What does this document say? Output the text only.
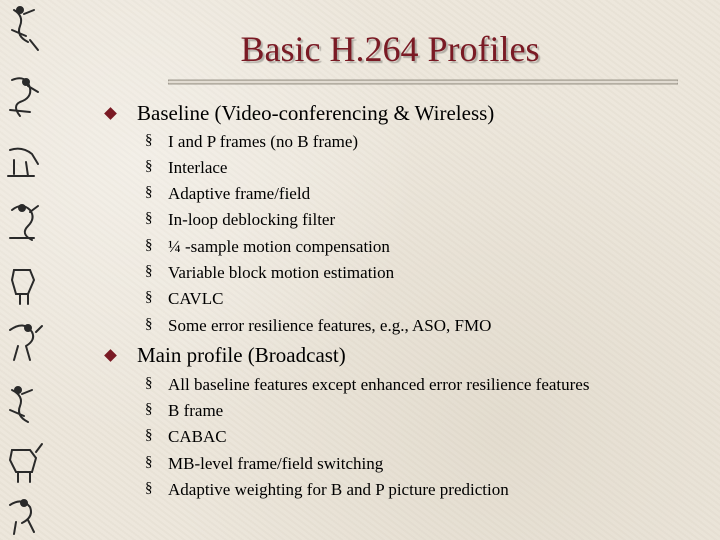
Basic H.264 Profiles
Baseline (Video-conferencing & Wireless)
§ I and P frames (no B frame)
§ Interlace
§ Adaptive frame/field
§ In-loop deblocking filter
§ ¼ -sample motion compensation
§ Variable block motion estimation
§ CAVLC
§ Some error resilience features, e.g., ASO, FMO
Main profile (Broadcast)
§ All baseline features except enhanced error resilience features
§ B frame
§ CABAC
§ MB-level frame/field switching
§ Adaptive weighting for B and P picture prediction
